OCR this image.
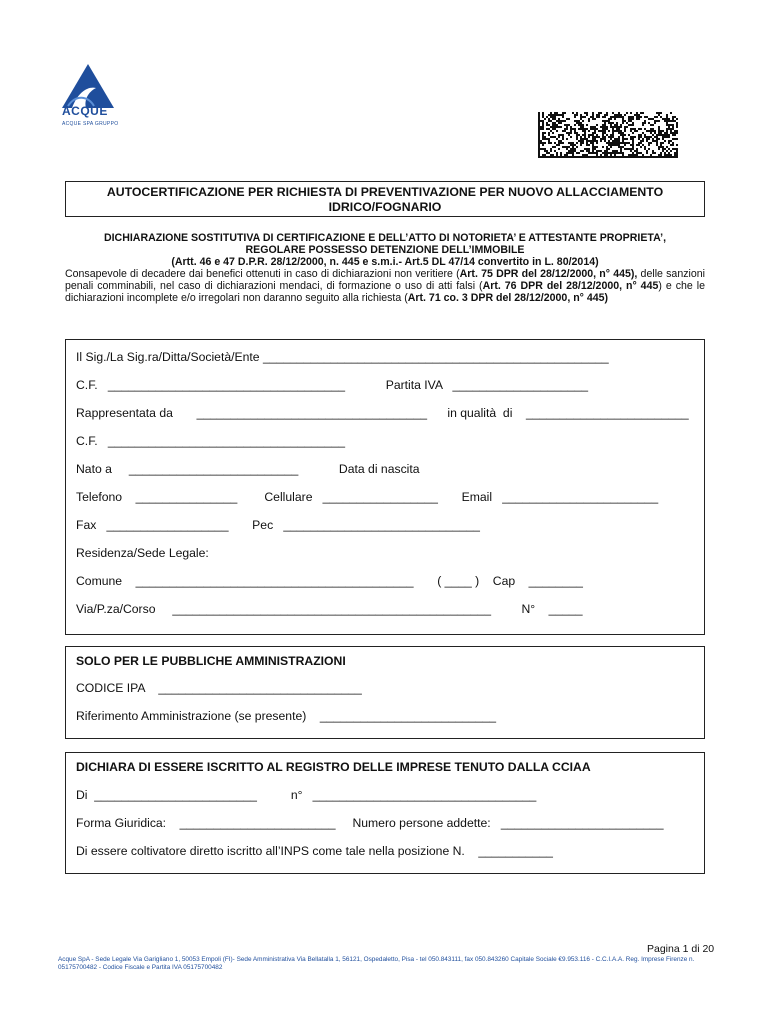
ACQUE
ACQUE SPA GRUPPO
AUTOCERTIFICAZIONE PER RICHIESTA DI PREVENTIVAZIONE PER NUOVO ALLACCIAMENTO
IDRICO/FOGNARIO
DICHIARAZIONE SOSTITUTIVA DI CERTIFICAZIONE E DELL’ATTO DI NOTORIETA’ E ATTESTANTE PROPRIETA’,
REGOLARE POSSESSO DETENZIONE DELL’IMMOBILE
(Artt. 46 e 47 D.P.R. 28/12/2000, n. 445 e s.m.i.- Art.5 DL 47/14 convertito in L. 80/2014)
Consapevole di decadere dai benefici ottenuti in caso di dichiarazioni non veritiere (Art. 75 DPR del 28/12/2000, n° 445), delle sanzioni penali comminabili, nel caso di dichiarazioni mendaci, di formazione o uso di atti falsi (Art. 76 DPR del 28/12/2000, n° 445) e che le dichiarazioni incomplete e/o irregolari non daranno seguito alla richiesta (Art. 71 co. 3 DPR del 28/12/2000, n° 445)
Il Sig./La Sig.ra/Ditta/Società/Ente ___________________________________________________
C.F.   ___________________________________            Partita IVA   ____________________
Rappresentata da       __________________________________      in qualità  di    ________________________
C.F.   ___________________________________
Nato a     _________________________            Data di nascita
Telefono    _______________        Cellulare   _________________       Email   _______________________
Fax   __________________       Pec   _____________________________
Residenza/Sede Legale:
Comune    _________________________________________       ( ____ )    Cap    ________
Via/P.za/Corso     _______________________________________________         N°    _____
SOLO PER LE PUBBLICHE AMMINISTRAZIONI
CODICE IPA    ______________________________
Riferimento Amministrazione (se presente)    __________________________
DICHIARA DI ESSERE ISCRITTO AL REGISTRO DELLE IMPRESE TENUTO DALLA CCIAA
Di  ________________________          n°   _________________________________
Forma Giuridica:    _______________________     Numero persone addette:   ________________________
Di essere coltivatore diretto iscritto all’INPS come tale nella posizione N.    ___________
Pagina 1 di 20
Acque SpA - Sede Legale Via Garigliano 1, 50053 Empoli (FI)- Sede Amministrativa Via Bellatalla 1, 56121, Ospedaletto, Pisa - tel 050.843111, fax 050.843260 Capitale Sociale €9.953.116 - C.C.I.A.A. Reg. Imprese Firenze n. 05175700482 - Codice Fiscale e Partita IVA 05175700482
